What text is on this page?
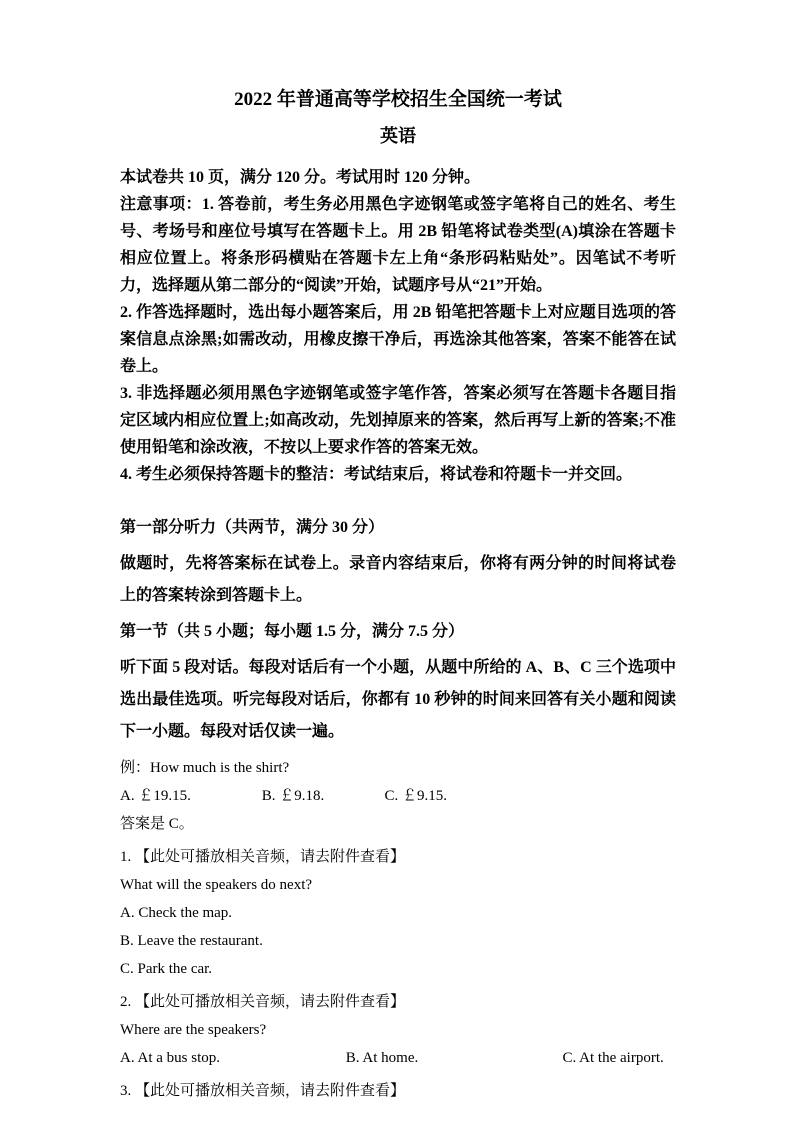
2022 年普通高等学校招生全国统一考试
英语

本试卷共 10 页，满分 120 分。考试用时 120 分钟。

注意事项：1. 答卷前，考生务必用黑色字迹钢笔或签字笔将自己的姓名、考生号、考场号和座位号填写在答题卡上。用 2B 铅笔将试卷类型(A)填涂在答题卡相应位置上。将条形码横贴在答题卡左上角“条形码粘贴处”。因笔试不考听力，选择题从第二部分的“阅读”开始，试题序号从“21”开始。

2. 作答选择题时，选出每小题答案后，用 2B 铅笔把答题卡上对应题目选项的答案信息点涂黑;如需改动，用橡皮擦干净后，再选涂其他答案，答案不能答在试卷上。

3. 非选择题必须用黑色字迹钢笔或签字笔作答，答案必须写在答题卡各题目指定区域内相应位置上;如高改动，先划掉原来的答案，然后再写上新的答案;不准使用铅笔和涂改液，不按以上要求作答的答案无效。

4. 考生必须保持答题卡的整洁：考试结束后，将试卷和符题卡一并交回。

第一部分听力（共两节，满分 30 分）

做题时，先将答案标在试卷上。录音内容结束后，你将有两分钟的时间将试卷上的答案转涂到答题卡上。

第一节（共 5 小题；每小题 1.5 分，满分 7.5 分）

听下面 5 段对话。每段对话后有一个小题，从题中所给的 A、B、C 三个选项中选出最佳选项。听完每段对话后，你都有 10 秒钟的时间来回答有关小题和阅读下一小题。每段对话仅读一遍。

例：How much is the shirt?

A. ￡19.15.	B. ￡9.18.	C. ￡9.15.

答案是 C。

1. 【此处可播放相关音频，请去附件查看】

What will the speakers do next?

A. Check the map.

B. Leave the restaurant.

C. Park the car.

2. 【此处可播放相关音频，请去附件查看】

Where are the speakers?

A. At a bus stop.	B. At home.	C. At the airport.

3. 【此处可播放相关音频，请去附件查看】
